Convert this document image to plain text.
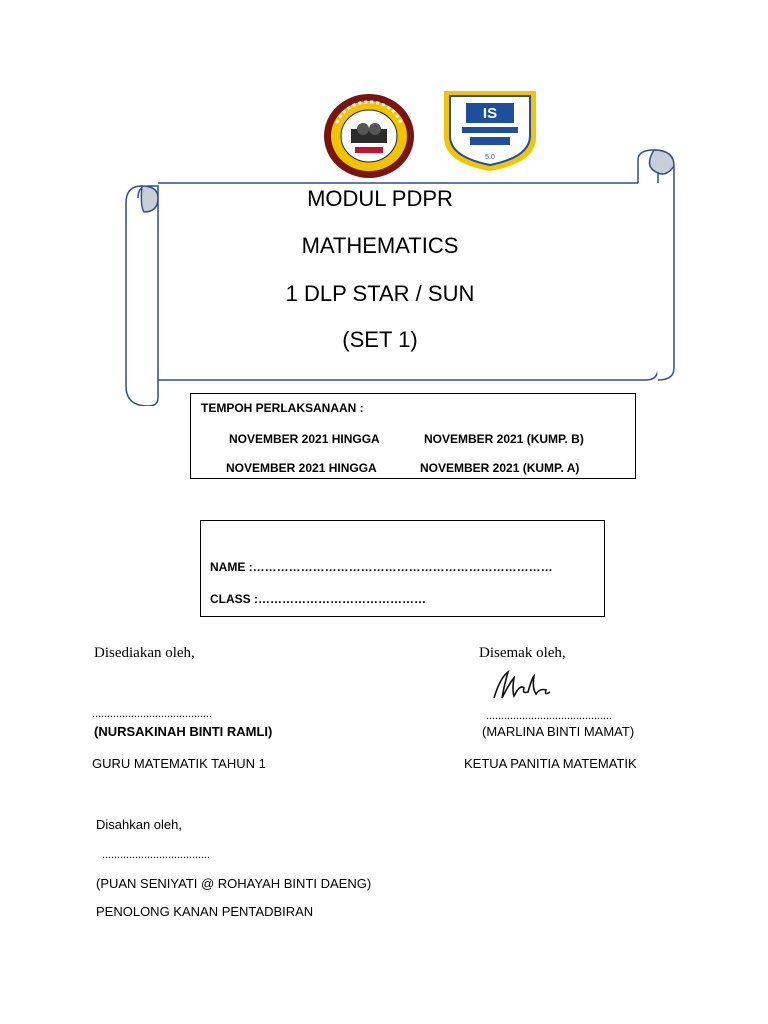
IS
5.0
MODUL PDPR
MATHEMATICS
1 DLP STAR / SUN
(SET 1)
TEMPOH PERLAKSANAAN :
NOVEMBER 2021 HINGGA	NOVEMBER 2021 (KUMP. B)
NOVEMBER 2021 HINGGA	NOVEMBER 2021 (KUMP. A)
NAME :…………………………………………………………………
CLASS :……………………………………
Disediakan oleh,
........................................
(NURSAKINAH BINTI RAMLI)
GURU MATEMATIK TAHUN 1
Disemak oleh,
..........................................
(MARLINA BINTI MAMAT)
KETUA PANITIA MATEMATIK
Disahkan oleh,
....................................
(PUAN SENIYATI @ ROHAYAH BINTI DAENG)
PENOLONG KANAN PENTADBIRAN
